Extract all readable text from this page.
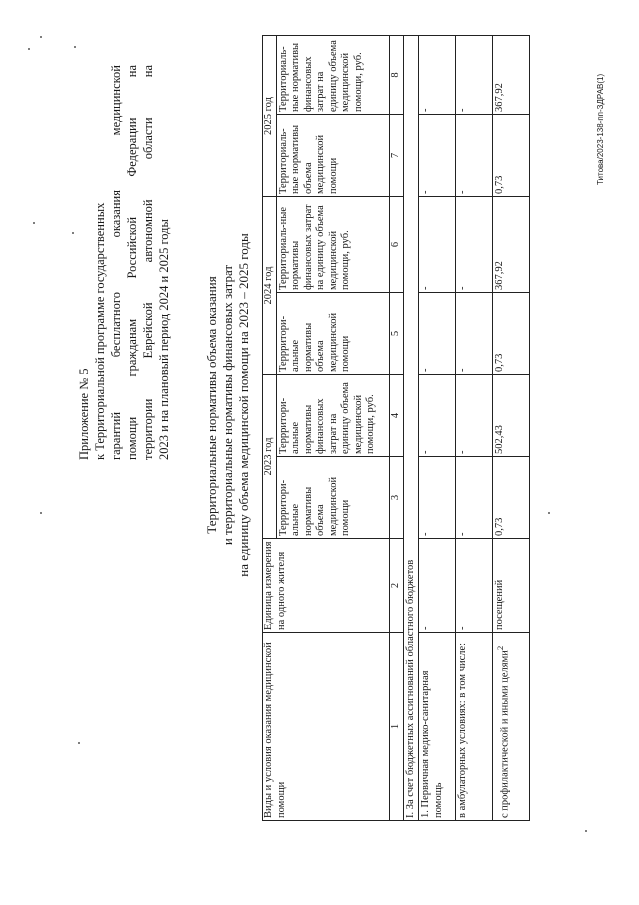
Приложение № 5 к Территориальной программе государственных гарантий бесплатного оказания медицинской помощи гражданам Российской Федерации на территории Еврейской автономной области на 2023 и на плановый период 2024 и 2025 годы	Территориальные нормативы объема оказания и территориальные нормативы финансовых затрат на единицу объема медицинской помощи на 2023 – 2025 годы
Виды и условия оказания медицинской помощи	Единица измерения на одного жителя	2023 год		2024 год		2025 год	
		Террритори-альные нормативы объема медицинской помощи	Террритори-альные нормативы финансовых затрат на единицу объема медицинской помощи, руб.	Террритори-альные нормативы объема медицинской помощи	Территориаль-ные нормативы финансовых затрат на единицу объема медицинской помощи, руб.	Территориаль-ные нормативы объема медицинской помощи	Территориаль-ные нормативы финансовых затрат на единицу объема медицинской помощи, руб.
1	2	3	4	5	6	7	8
I. За счет бюджетных ассигнований областного бюджетов							
1. Первичная медико-санитарная помощь	-	-	-	-	-	-	-
в амбулаторных условиях: в том числе:	-	-	-	-	-	-	-
с профилактической и иными целями$^2$	посещений	0,73	502,43	0,73	367,92	0,73	367,92	Титова/2023-138-пп-ЗДРАВ(1)
